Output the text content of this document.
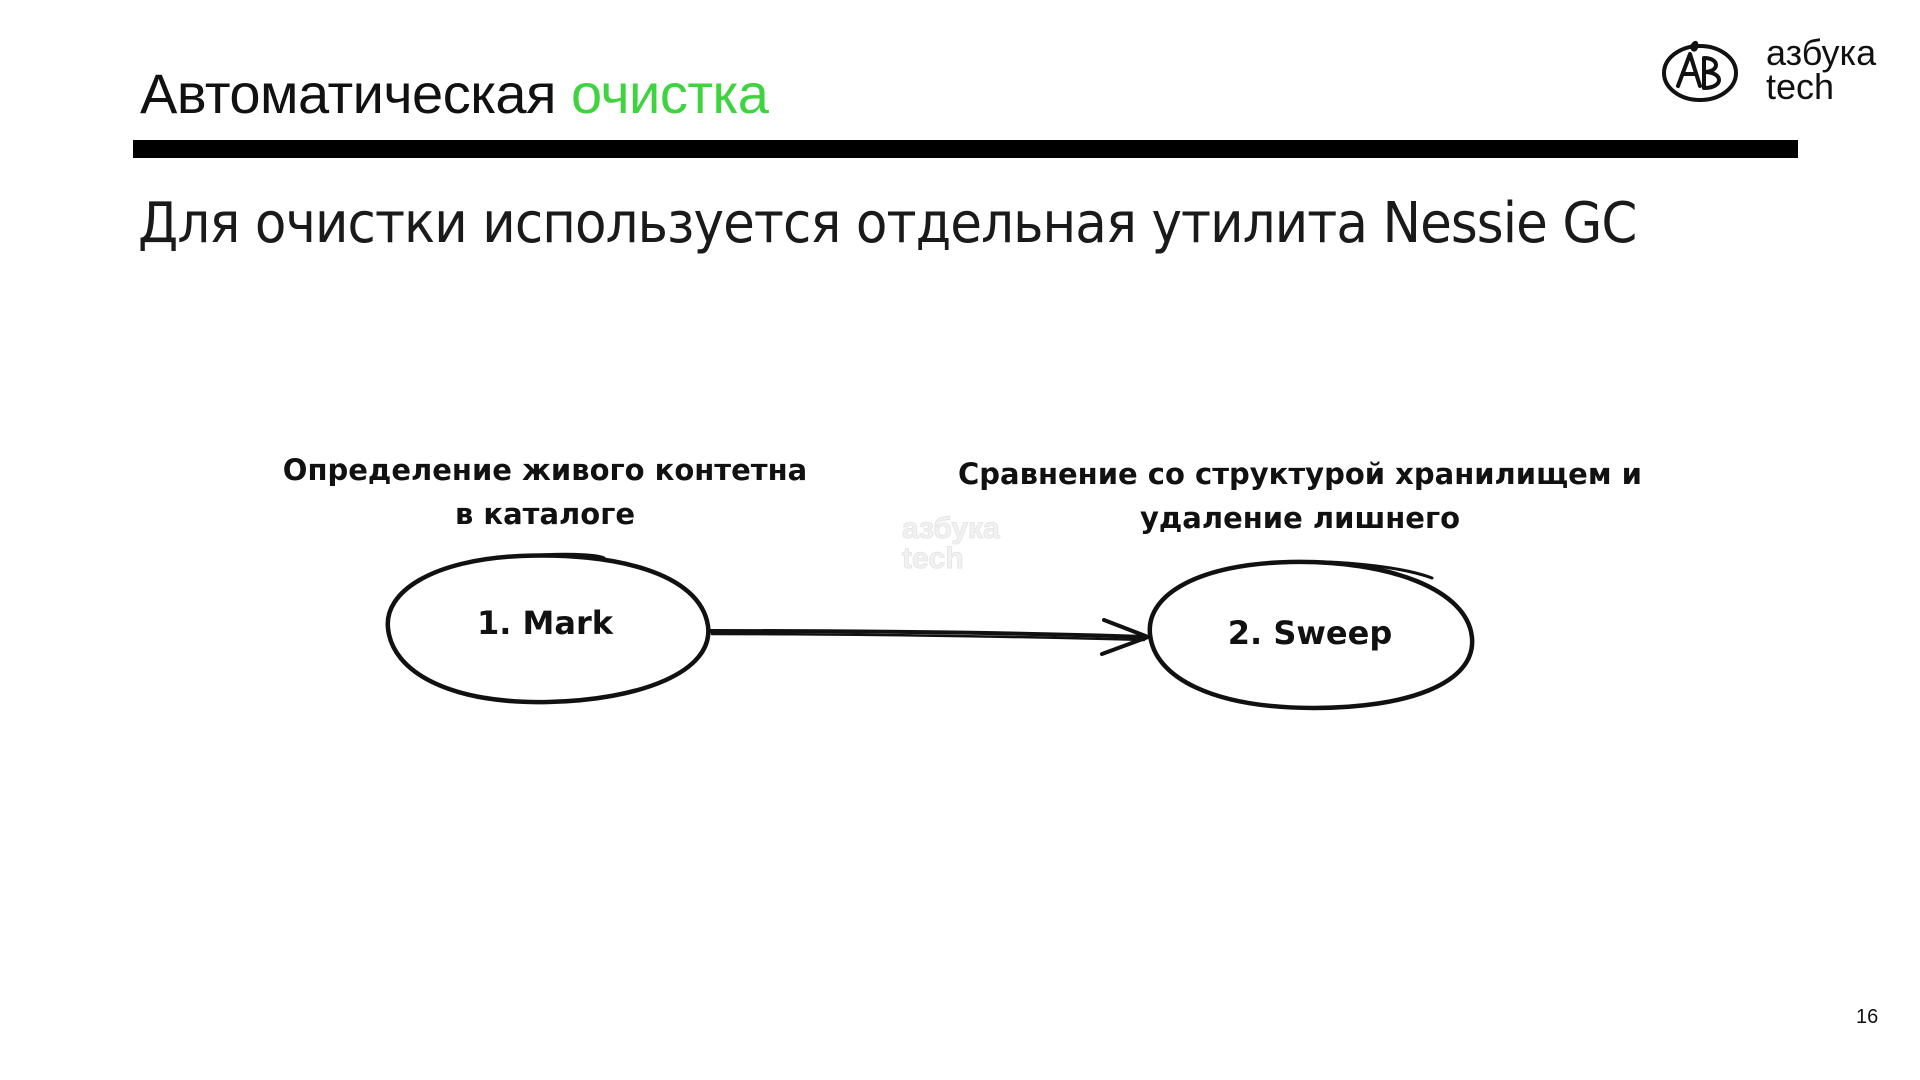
Автоматическая очистка
азбука
tech

Для очистки используется отдельная утилита Nessie GC

Определение живого контетна
в каталоге
Сравнение со структурой хранилищем и
удаление лишнего
1. Mark	2. Sweep
азбука
tech
16
